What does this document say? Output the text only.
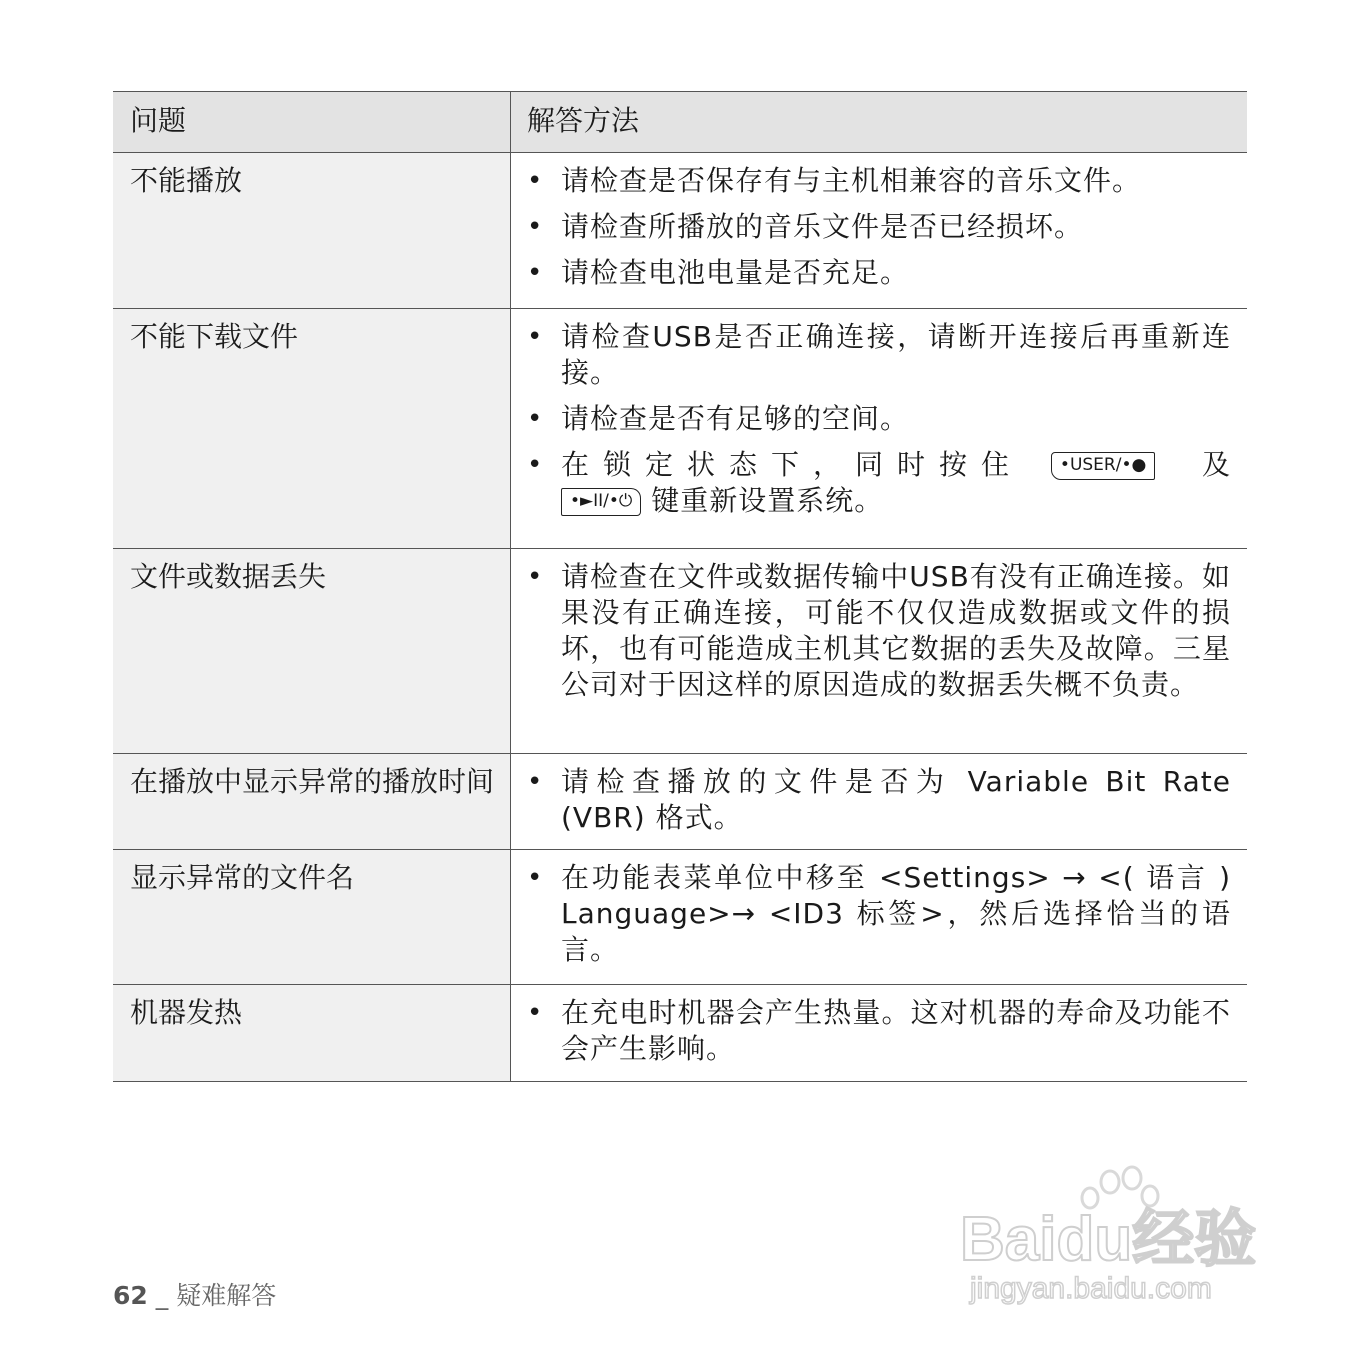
问题	解答方法
不能播放	• 请检查是否保存有与主机相兼容的音乐文件。
• 请检查所播放的音乐文件是否已经损坏。
• 请检查电池电量是否充足。
不能下载文件	• 请检查USB是否正确连接，请断开连接后再重新连接。
• 请检查是否有足够的空间。
• 在锁定状态下，同时按住 •USER/•● 及

•►II/•⏻ 键重新设置系统。
文件或数据丢失	• 请检查在文件或数据传输中USB有没有正确连接。如果没有正确连接，可能不仅仅造成数据或文件的损坏，也有可能造成主机其它数据的丢失及故障。三星公司对于因这样的原因造成的数据丢失概不负责。
在播放中显示异常的播放时间	• 请检查播放的文件是否为 Variable Bit Rate (VBR) 格式。
显示异常的文件名	• 在功能表菜单位中移至 <Settings> → <( 语言 ) Language>→ <ID3 标签>，然后选择恰当的语言。
机器发热	• 在充电时机器会产生热量。这对机器的寿命及功能不会产生影响。
62 _ 疑难解答
Baidu经验
jingyan.baidu.com
